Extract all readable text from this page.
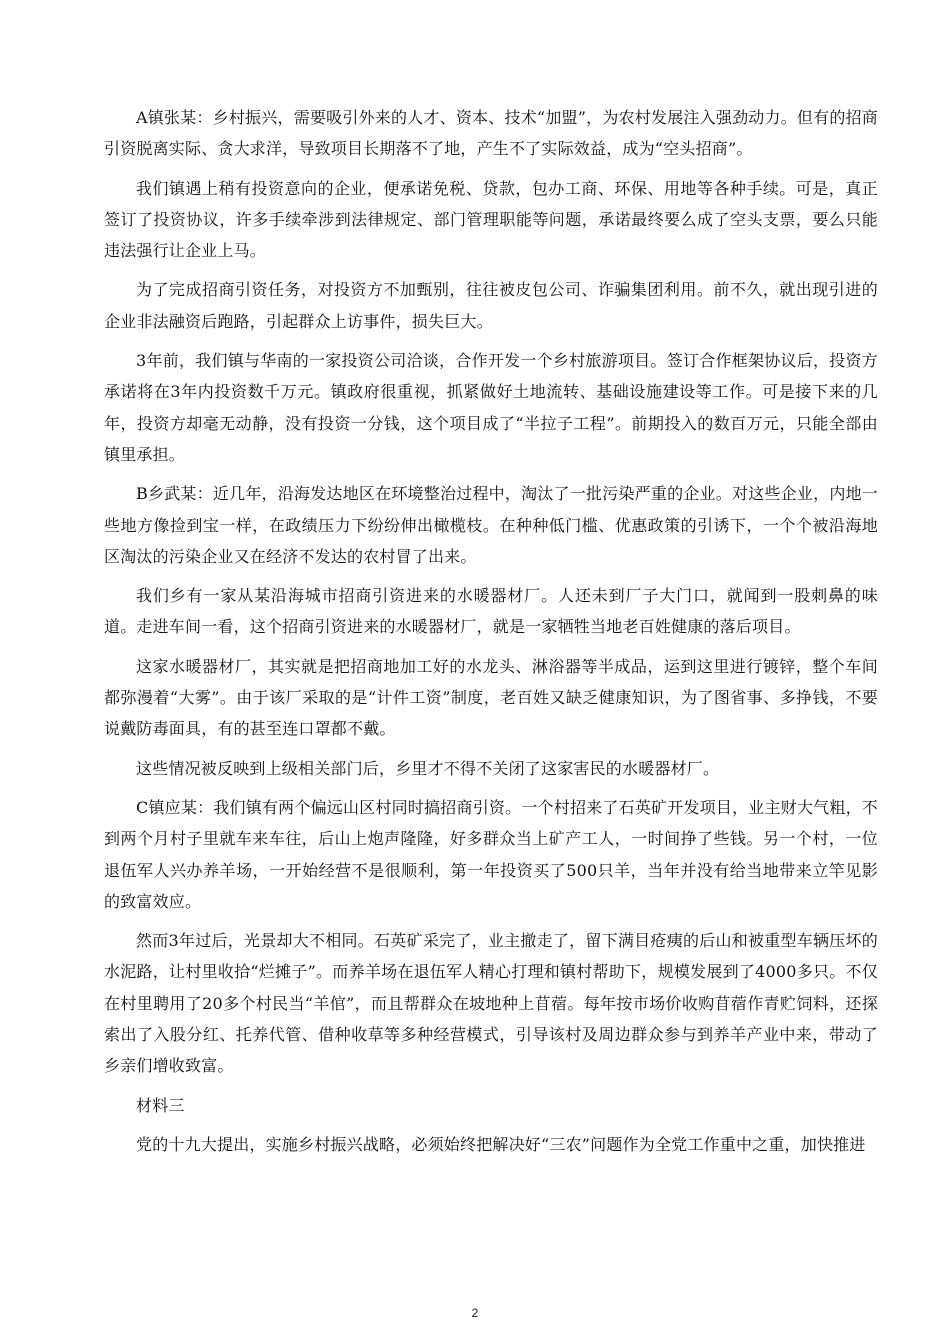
A镇张某：乡村振兴，需要吸引外来的人才、资本、技术“加盟”，为农村发展注入强劲动力。但有的招商引资脱离实际、贪大求洋，导致项目长期落不了地，产生不了实际效益，成为“空头招商”。

我们镇遇上稍有投资意向的企业，便承诺免税、贷款，包办工商、环保、用地等各种手续。可是，真正签订了投资协议，许多手续牵涉到法律规定、部门管理职能等问题，承诺最终要么成了空头支票，要么只能违法强行让企业上马。

为了完成招商引资任务，对投资方不加甄别，往往被皮包公司、诈骗集团利用。前不久，就出现引进的企业非法融资后跑路，引起群众上访事件，损失巨大。

3年前，我们镇与华南的一家投资公司洽谈，合作开发一个乡村旅游项目。签订合作框架协议后，投资方承诺将在3年内投资数千万元。镇政府很重视，抓紧做好土地流转、基础设施建设等工作。可是接下来的几年，投资方却毫无动静，没有投资一分钱，这个项目成了“半拉子工程”。前期投入的数百万元，只能全部由镇里承担。

B乡武某：近几年，沿海发达地区在环境整治过程中，淘汰了一批污染严重的企业。对这些企业，内地一些地方像捡到宝一样，在政绩压力下纷纷伸出橄榄枝。在种种低门槛、优惠政策的引诱下，一个个被沿海地区淘汰的污染企业又在经济不发达的农村冒了出来。

我们乡有一家从某沿海城市招商引资进来的水暖器材厂。人还未到厂子大门口，就闻到一股刺鼻的味道。走进车间一看，这个招商引资进来的水暖器材厂，就是一家牺牲当地老百姓健康的落后项目。

这家水暖器材厂，其实就是把招商地加工好的水龙头、淋浴器等半成品，运到这里进行镀锌，整个车间都弥漫着“大雾”。由于该厂采取的是“计件工资”制度，老百姓又缺乏健康知识，为了图省事、多挣钱，不要说戴防毒面具，有的甚至连口罩都不戴。

这些情况被反映到上级相关部门后，乡里才不得不关闭了这家害民的水暖器材厂。

C镇应某：我们镇有两个偏远山区村同时搞招商引资。一个村招来了石英矿开发项目，业主财大气粗，不到两个月村子里就车来车往，后山上炮声隆隆，好多群众当上矿产工人，一时间挣了些钱。另一个村，一位退伍军人兴办养羊场，一开始经营不是很顺利，第一年投资买了500只羊，当年并没有给当地带来立竿见影的致富效应。

然而3年过后，光景却大不相同。石英矿采完了，业主撤走了，留下满目疮痍的后山和被重型车辆压坏的水泥路，让村里收拾“烂摊子”。而养羊场在退伍军人精心打理和镇村帮助下，规模发展到了4000多只。不仅在村里聘用了20多个村民当“羊倌”，而且帮群众在坡地种上苜蓿。每年按市场价收购苜蓿作青贮饲料，还探索出了入股分红、托养代管、借种收草等多种经营模式，引导该村及周边群众参与到养羊产业中来，带动了乡亲们增收致富。

材料三

党的十九大提出，实施乡村振兴战略，必须始终把解决好“三农”问题作为全党工作重中之重，加快推进

2
